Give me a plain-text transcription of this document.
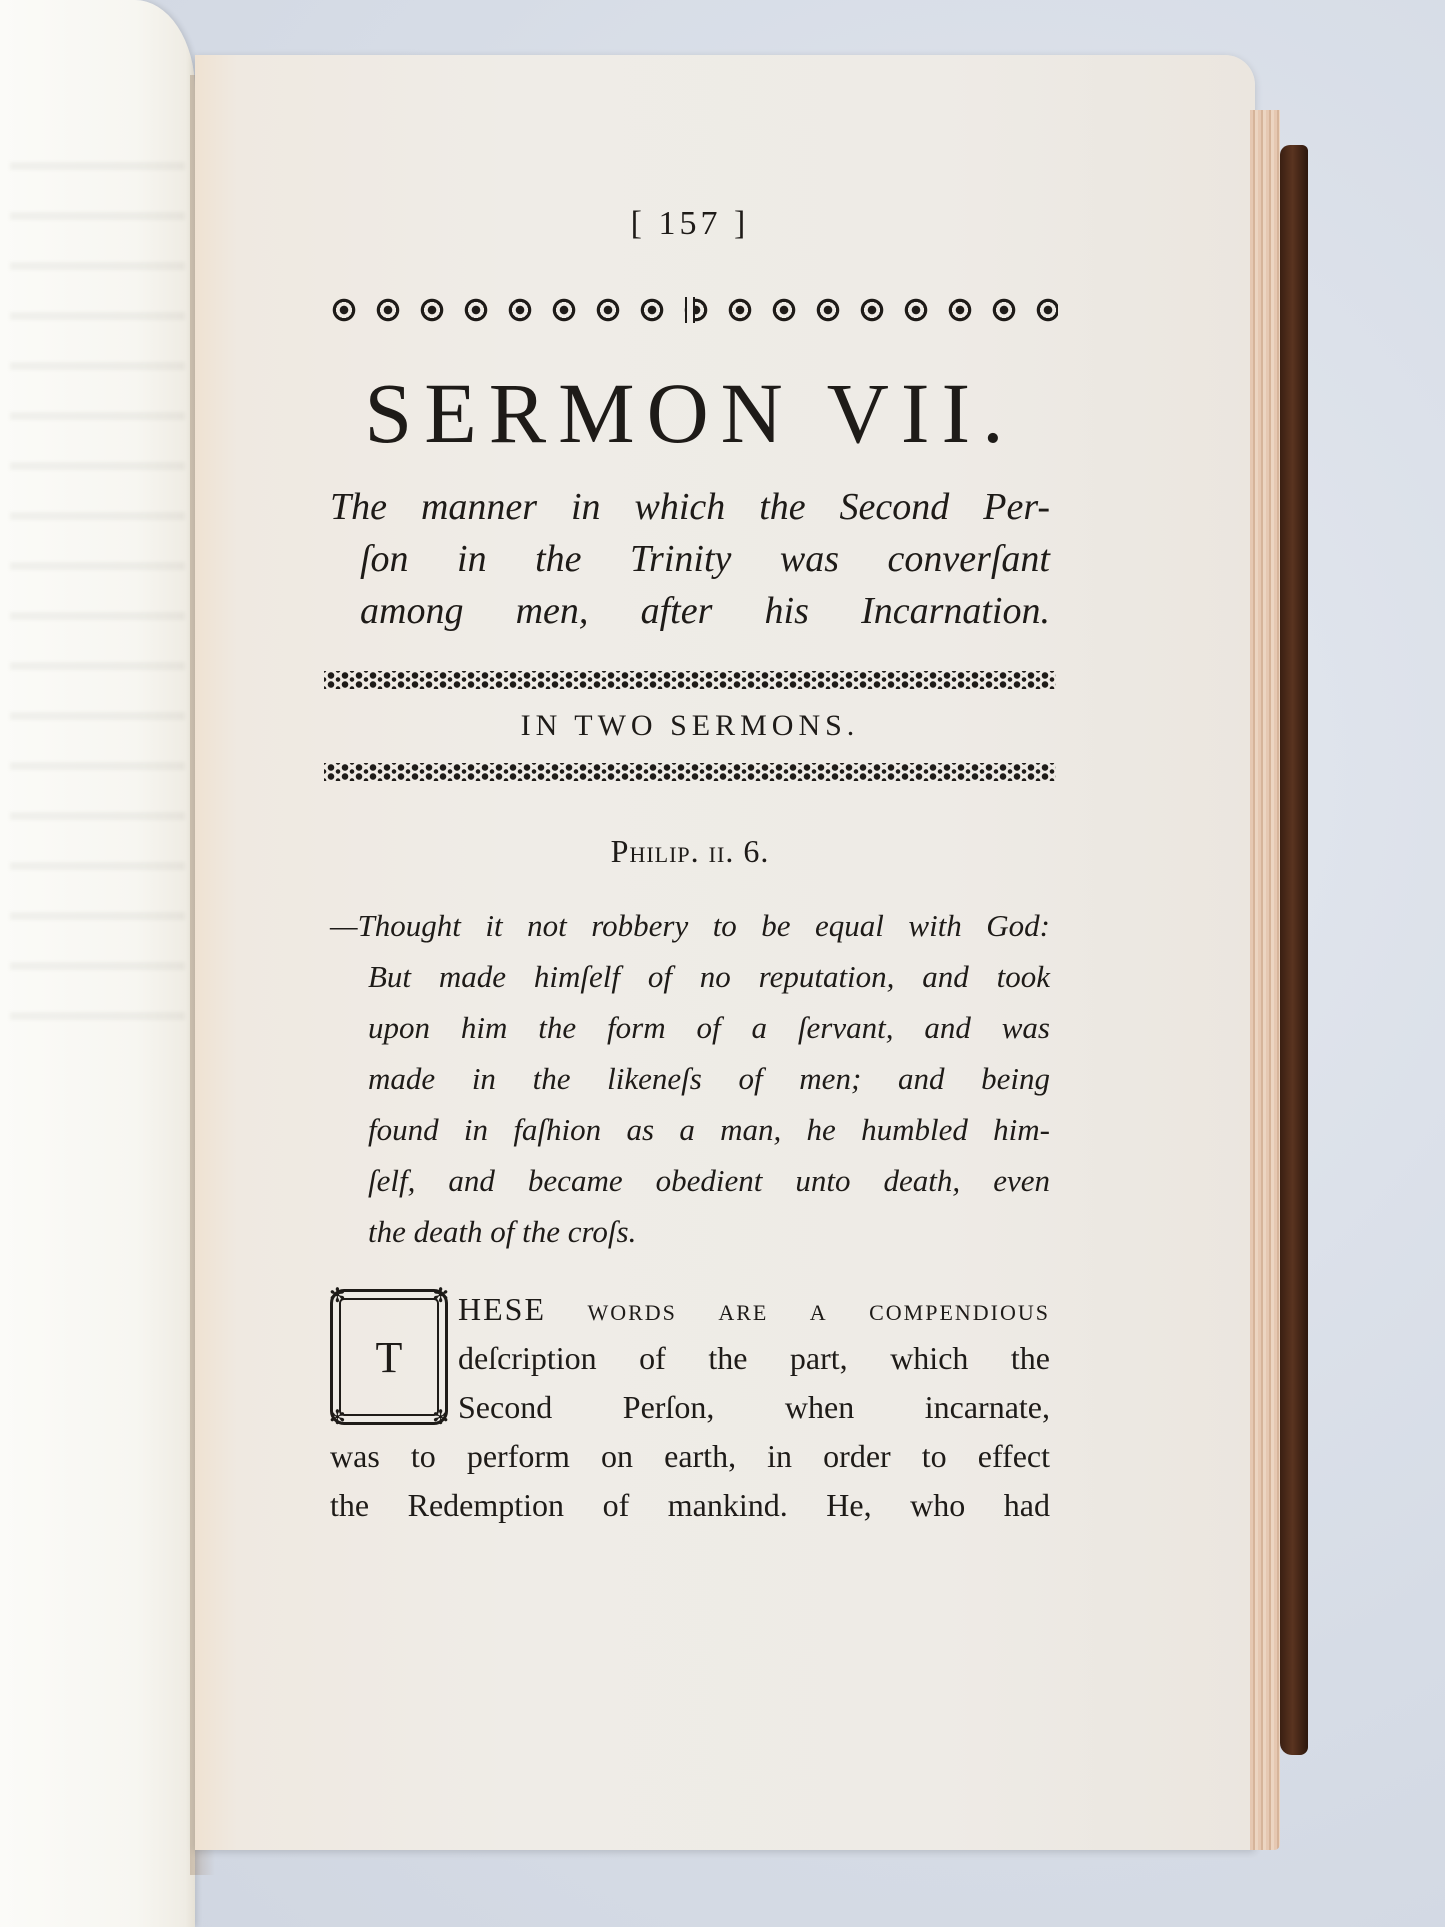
[ 157 ]
SERMON VII.
The manner in which the Second Per-
ſon in the Trinity was converſant
among men, after his Incarnation.
IN TWO SERMONS.
Philip. ii. 6.
—Thought it not robbery to be equal with God:
But made himſelf of no reputation, and took
upon him the form of a ſervant, and was
made in the likeneſs of men; and being
found in faſhion as a man, he humbled him-
ſelf, and became obedient unto death, even
the death of the croſs.
✻	✻
✻	✻
T
HESE words are a compendious
deſcription of the part, which the
Second Perſon, when incarnate,
was to perform on earth, in order to effect
the Redemption of mankind. He, who had
